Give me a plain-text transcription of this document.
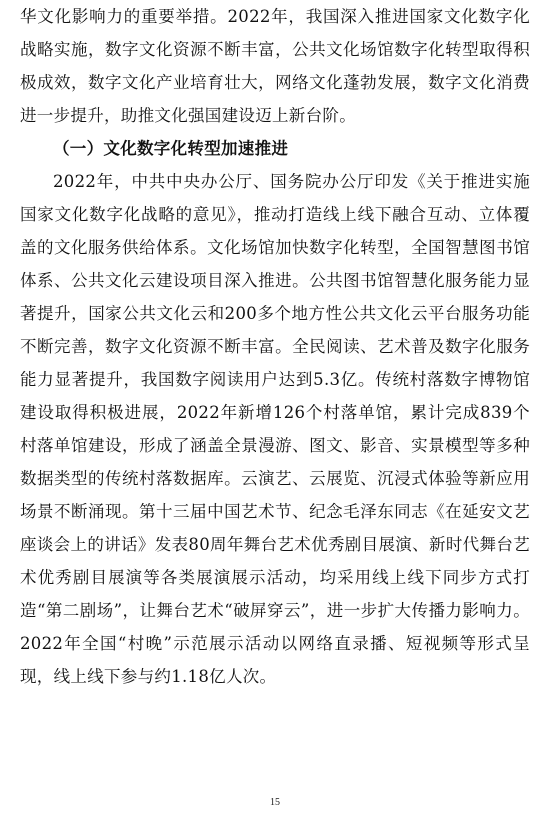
华文化影响力的重要举措。2022年，我国深入推进国家文化数字化战略实施，数字文化资源不断丰富，公共文化场馆数字化转型取得积极成效，数字文化产业培育壮大，网络文化蓬勃发展，数字文化消费进一步提升，助推文化强国建设迈上新台阶。

（一）文化数字化转型加速推进

2022年，中共中央办公厅、国务院办公厅印发《关于推进实施国家文化数字化战略的意见》，推动打造线上线下融合互动、立体覆盖的文化服务供给体系。文化场馆加快数字化转型，全国智慧图书馆体系、公共文化云建设项目深入推进。公共图书馆智慧化服务能力显著提升，国家公共文化云和200多个地方性公共文化云平台服务功能不断完善，数字文化资源不断丰富。全民阅读、艺术普及数字化服务能力显著提升，我国数字阅读用户达到5.3亿。传统村落数字博物馆建设取得积极进展，2022年新增126个村落单馆，累计完成839个村落单馆建设，形成了涵盖全景漫游、图文、影音、实景模型等多种数据类型的传统村落数据库。云演艺、云展览、沉浸式体验等新应用场景不断涌现。第十三届中国艺术节、纪念毛泽东同志《在延安文艺座谈会上的讲话》发表80周年舞台艺术优秀剧目展演、新时代舞台艺术优秀剧目展演等各类展演展示活动，均采用线上线下同步方式打造“第二剧场”，让舞台艺术“破屏穿云”，进一步扩大传播力影响力。2022年全国“村晚”示范展示活动以网络直录播、短视频等形式呈现，线上线下参与约1.18亿人次。

15
